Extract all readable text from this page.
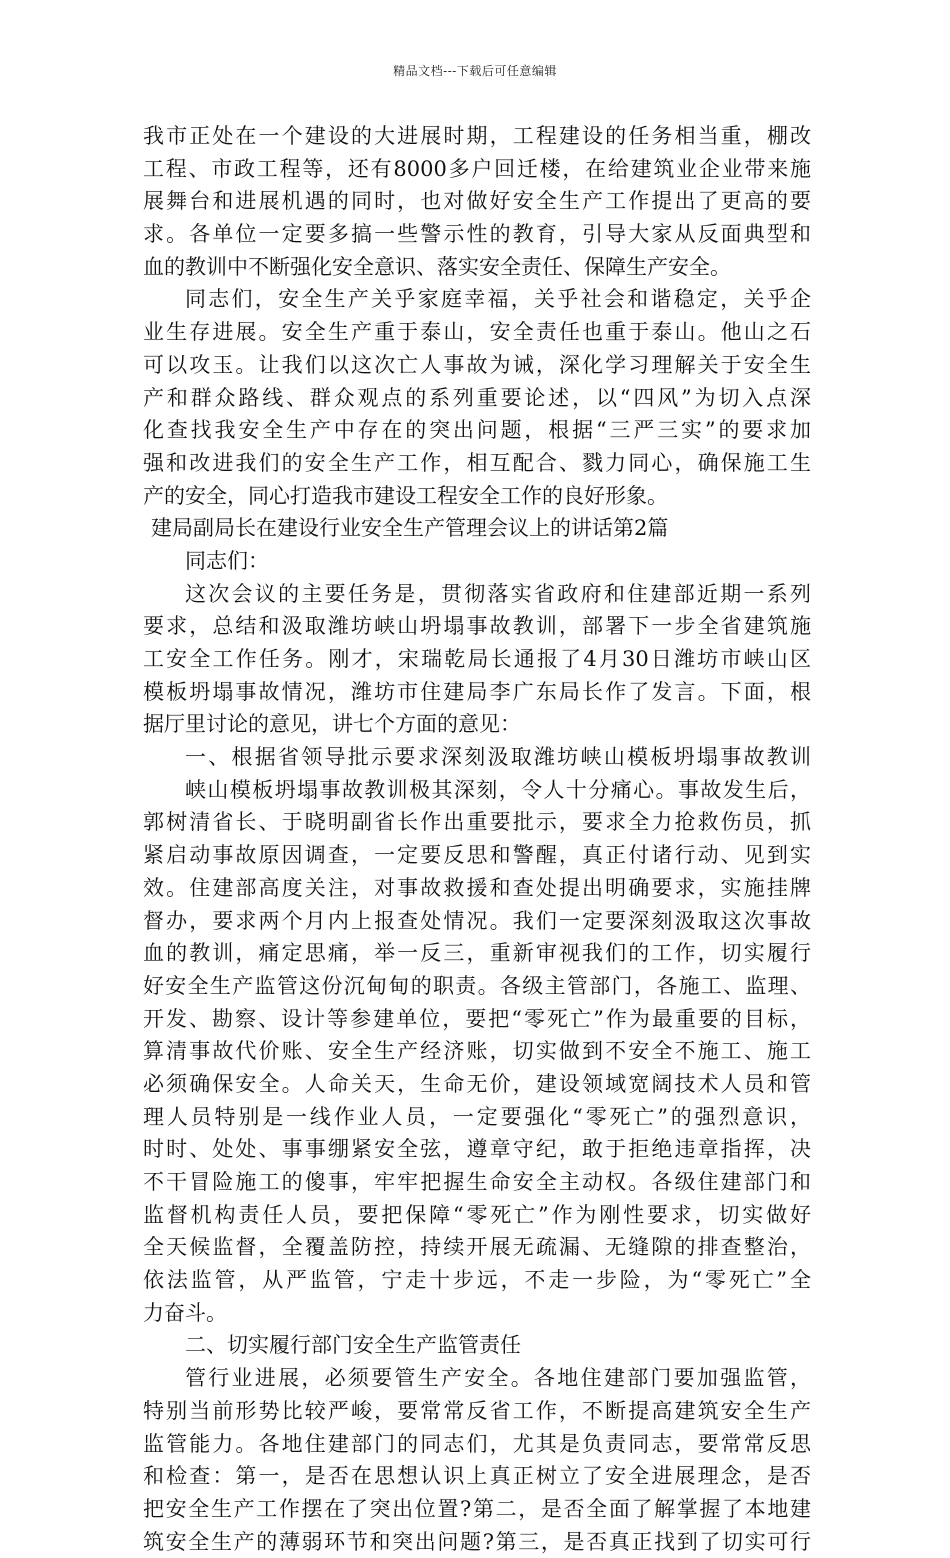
精品文档---下载后可任意编辑
我市正处在一个建设的大进展时期，工程建设的任务相当重，棚改
工程、市政工程等，还有8000多户回迁楼，在给建筑业企业带来施
展舞台和进展机遇的同时，也对做好安全生产工作提出了更高的要
求。各单位一定要多搞一些警示性的教育，引导大家从反面典型和
血的教训中不断强化安全意识、落实安全责任、保障生产安全。
同志们，安全生产关乎家庭幸福，关乎社会和谐稳定，关乎企
业生存进展。安全生产重于泰山，安全责任也重于泰山。他山之石
可以攻玉。让我们以这次亡人事故为诫，深化学习理解关于安全生
产和群众路线、群众观点的系列重要论述，以“四风”为切入点深
化查找我安全生产中存在的突出问题，根据“三严三实”的要求加
强和改进我们的安全生产工作，相互配合、戮力同心，确保施工生
产的安全，同心打造我市建设工程安全工作的良好形象。
建局副局长在建设行业安全生产管理会议上的讲话第2篇
同志们：
这次会议的主要任务是，贯彻落实省政府和住建部近期一系列
要求，总结和汲取潍坊峡山坍塌事故教训，部署下一步全省建筑施
工安全工作任务。刚才，宋瑞乾局长通报了4月30日潍坊市峡山区
模板坍塌事故情况，潍坊市住建局李广东局长作了发言。下面，根
据厅里讨论的意见，讲七个方面的意见：
一、根据省领导批示要求深刻汲取潍坊峡山模板坍塌事故教训
峡山模板坍塌事故教训极其深刻，令人十分痛心。事故发生后，
郭树清省长、于晓明副省长作出重要批示，要求全力抢救伤员，抓
紧启动事故原因调查，一定要反思和警醒，真正付诸行动、见到实
效。住建部高度关注，对事故救援和查处提出明确要求，实施挂牌
督办，要求两个月内上报查处情况。我们一定要深刻汲取这次事故
血的教训，痛定思痛，举一反三，重新审视我们的工作，切实履行
好安全生产监管这份沉甸甸的职责。各级主管部门，各施工、监理、
开发、勘察、设计等参建单位，要把“零死亡”作为最重要的目标，
算清事故代价账、安全生产经济账，切实做到不安全不施工、施工
必须确保安全。人命关天，生命无价，建设领域宽阔技术人员和管
理人员特别是一线作业人员，一定要强化“零死亡”的强烈意识，
时时、处处、事事绷紧安全弦，遵章守纪，敢于拒绝违章指挥，决
不干冒险施工的傻事，牢牢把握生命安全主动权。各级住建部门和
监督机构责任人员，要把保障“零死亡”作为刚性要求，切实做好
全天候监督，全覆盖防控，持续开展无疏漏、无缝隙的排查整治，
依法监管，从严监管，宁走十步远，不走一步险，为“零死亡”全
力奋斗。
二、切实履行部门安全生产监管责任
管行业进展，必须要管生产安全。各地住建部门要加强监管，
特别当前形势比较严峻，要常常反省工作，不断提高建筑安全生产
监管能力。各地住建部门的同志们，尤其是负责同志，要常常反思
和检查：第一，是否在思想认识上真正树立了安全进展理念，是否
把安全生产工作摆在了突出位置?第二，是否全面了解掌握了本地建
筑安全生产的薄弱环节和突出问题?第三，是否真正找到了切实可行
